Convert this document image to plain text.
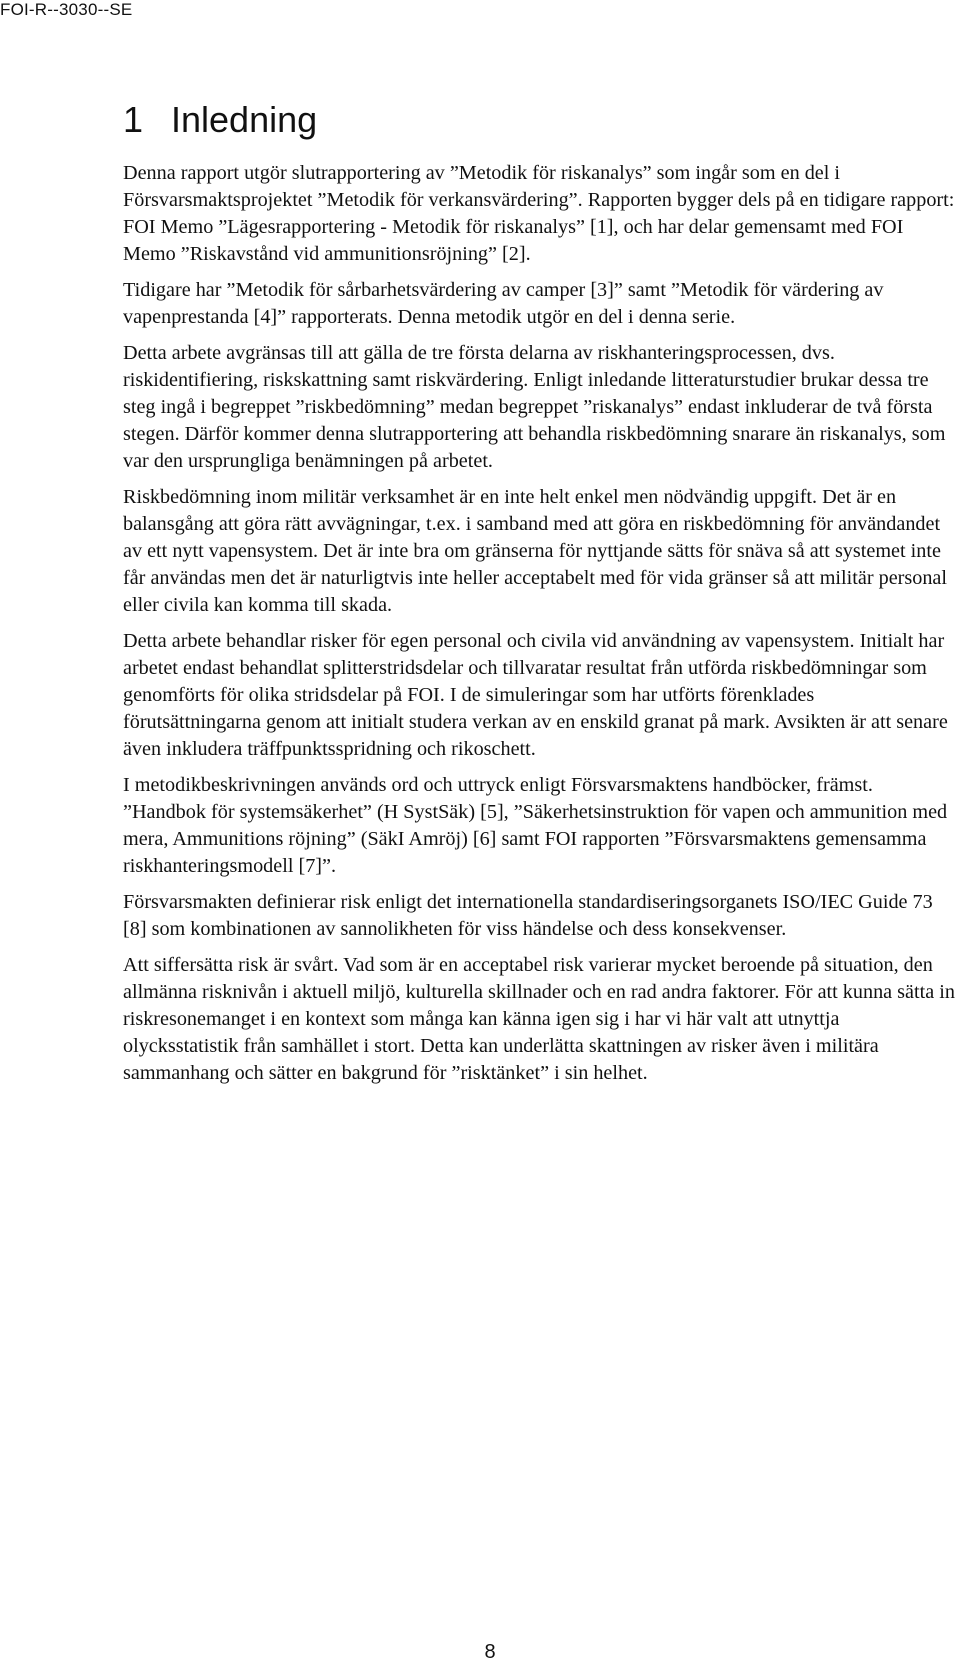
FOI-R--3030--SE
1 Inledning

Denna rapport utgör slutrapportering av ”Metodik för riskanalys” som ingår som en del i Försvarsmaktsprojektet ”Metodik för verkansvärdering”. Rapporten bygger dels på en tidigare rapport: FOI Memo ”Lägesrapportering - Metodik för riskanalys” [1], och har delar gemensamt med FOI Memo ”Riskavstånd vid ammunitionsröjning” [2].

Tidigare har ”Metodik för sårbarhetsvärdering av camper [3]” samt ”Metodik för värdering av vapenprestanda [4]” rapporterats. Denna metodik utgör en del i denna serie.

Detta arbete avgränsas till att gälla de tre första delarna av riskhanteringsprocessen, dvs. riskidentifiering, riskskattning samt riskvärdering. Enligt inledande litteraturstudier brukar dessa tre steg ingå i begreppet ”riskbedömning” medan begreppet ”riskanalys” endast inkluderar de två första stegen. Därför kommer denna slutrapportering att behandla riskbedömning snarare än riskanalys, som var den ursprungliga benämningen på arbetet.

Riskbedömning inom militär verksamhet är en inte helt enkel men nödvändig uppgift. Det är en balansgång att göra rätt avvägningar, t.ex. i samband med att göra en riskbedömning för användandet av ett nytt vapensystem. Det är inte bra om gränserna för nyttjande sätts för snäva så att systemet inte får användas men det är naturligtvis inte heller acceptabelt med för vida gränser så att militär personal eller civila kan komma till skada.

Detta arbete behandlar risker för egen personal och civila vid användning av vapensystem. Initialt har arbetet endast behandlat splitterstridsdelar och tillvaratar resultat från utförda riskbedömningar som genomförts för olika stridsdelar på FOI. I de simuleringar som har utförts förenklades förutsättningarna genom att initialt studera verkan av en enskild granat på mark. Avsikten är att senare även inkludera träffpunktsspridning och rikoschett.

I metodikbeskrivningen används ord och uttryck enligt Försvarsmaktens handböcker, främst. ”Handbok för systemsäkerhet” (H SystSäk) [5], ”Säkerhetsinstruktion för vapen och ammunition med mera, Ammunitions röjning” (SäkI Amröj) [6] samt FOI rapporten ”Försvarsmaktens gemensamma riskhanteringsmodell [7]”.

Försvarsmakten definierar risk enligt det internationella standardiseringsorganets ISO/IEC Guide 73 [8] som kombinationen av sannolikheten för viss händelse och dess konsekvenser.

Att siffersätta risk är svårt. Vad som är en acceptabel risk varierar mycket beroende på situation, den allmänna risknivån i aktuell miljö, kulturella skillnader och en rad andra faktorer. För att kunna sätta in riskresonemanget i en kontext som många kan känna igen sig i har vi här valt att utnyttja olycksstatistik från samhället i stort. Detta kan underlätta skattningen av risker även i militära sammanhang och sätter en bakgrund för ”risktänket” i sin helhet.

8
